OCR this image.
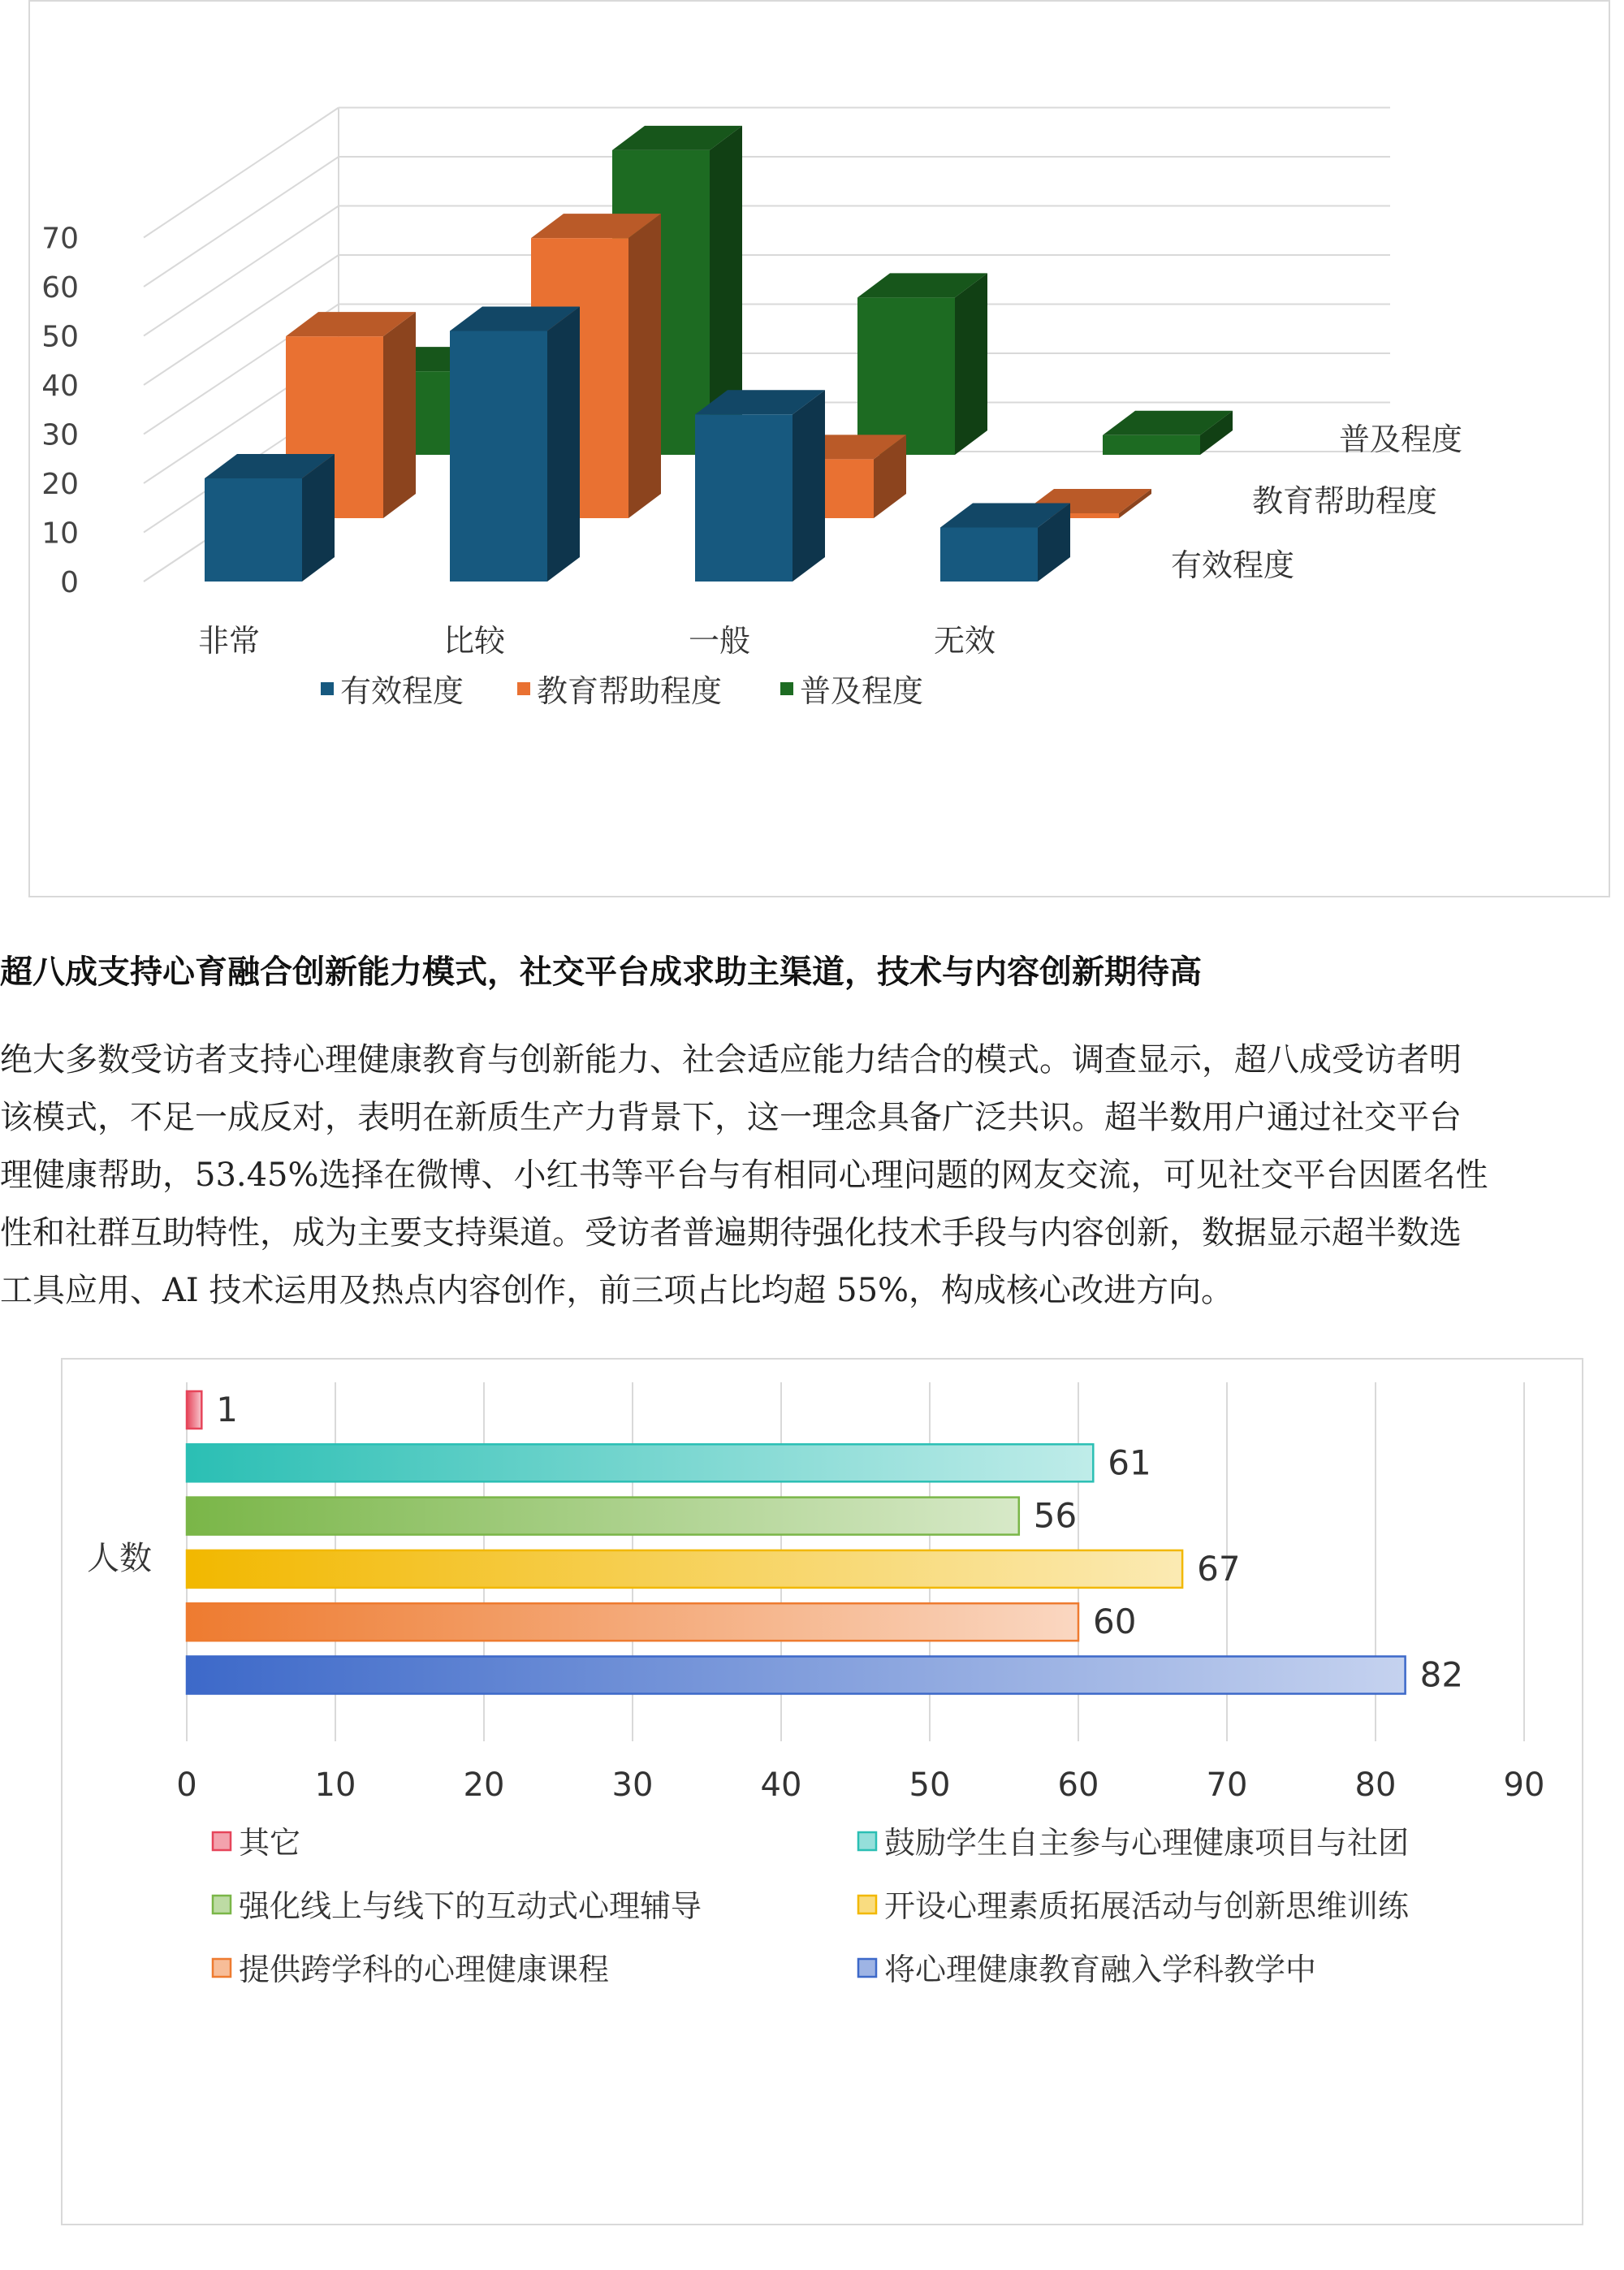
0
10
20
30
40
50
60
70
有效程度
教育帮助程度
普及程度
非常	比较	一般	无效
有效程度 教育帮助程度	普及程度
超八成支持心育融合创新能力模式，社交平台成求助主渠道，技术与内容创新期待高
绝大多数受访者支持心理健康教育与创新能力、社会适应能力结合的模式。调查显示，超八成受访者明
该模式，不足一成反对，表明在新质生产力背景下，这一理念具备广泛共识。超半数用户通过社交平台
理健康帮助，53.45%选择在微博、小红书等平台与有相同心理问题的网友交流，可见社交平台因匿名性
性和社群互助特性，成为主要支持渠道。受访者普遍期待强化技术手段与内容创新，数据显示超半数选
工具应用、AI 技术运用及热点内容创作，前三项占比均超 55%，构成核心改进方向。
0	10	20	30	40	50	60	70	80	90
人数
1
61
56
67
60
82
其它	鼓励学生自主参与心理健康项目与社团
强化线上与线下的互动式心理辅导	开设心理素质拓展活动与创新思维训练
提供跨学科的心理健康课程	将心理健康教育融入学科教学中
